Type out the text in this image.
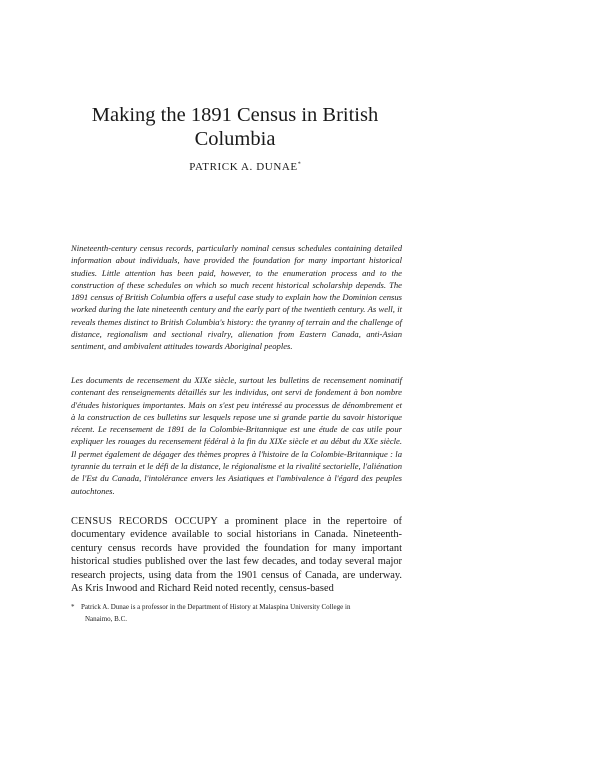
Making the 1891 Census in British Columbia
PATRICK A. DUNAE*

Nineteenth-century census records, particularly nominal census schedules containing detailed information about individuals, have provided the foundation for many important historical studies. Little attention has been paid, however, to the enumeration process and to the construction of these schedules on which so much recent historical scholarship depends. The 1891 census of British Columbia offers a useful case study to explain how the Dominion census worked during the late nineteenth century and the early part of the twentieth century. As well, it reveals themes distinct to British Columbia's history: the tyranny of terrain and the challenge of distance, regionalism and sectional rivalry, alienation from Eastern Canada, anti-Asian sentiment, and ambivalent attitudes towards Aboriginal peoples.

Les documents de recensement du XIXe siècle, surtout les bulletins de recensement nominatif contenant des renseignements détaillés sur les individus, ont servi de fondement à bon nombre d'études historiques importantes. Mais on s'est peu intéressé au processus de dénombrement et à la construction de ces bulletins sur lesquels repose une si grande partie du savoir historique récent. Le recensement de 1891 de la Colombie-Britannique est une étude de cas utile pour expliquer les rouages du recensement fédéral à la fin du XIXe siècle et au début du XXe siècle. Il permet également de dégager des thèmes propres à l'histoire de la Colombie-Britannique : la tyrannie du terrain et le défi de la distance, le régionalisme et la rivalité sectorielle, l'aliénation de l'Est du Canada, l'intolérance envers les Asiatiques et l'ambivalence à l'égard des peuples autochtones.

CENSUS RECORDS OCCUPY a prominent place in the repertoire of documentary evidence available to social historians in Canada. Nineteenth-century census records have provided the foundation for many important historical studies published over the last few decades, and today several major research projects, using data from the 1901 census of Canada, are underway. As Kris Inwood and Richard Reid noted recently, census-based

* Patrick A. Dunae is a professor in the Department of History at Malaspina University College in
Nanaimo, B.C.
